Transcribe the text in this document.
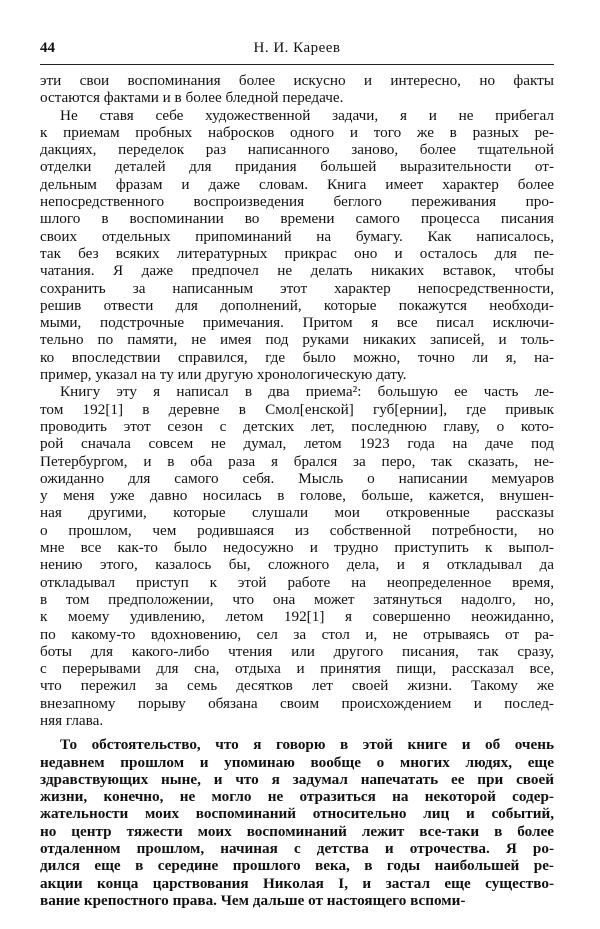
44	Н. И. Кареев

эти свои воспоминания более искусно и интересно, но факты
остаются фактами и в более бледной передаче.

Не ставя себе художественной задачи, я и не прибегал
к приемам пробных набросков одного и того же в разных ре-
дакциях, переделок раз написанного заново, более тщательной
отделки деталей для придания большей выразительности от-
дельным фразам и даже словам. Книга имеет характер более
непосредственного воспроизведения беглого переживания про-
шлого в воспоминании во времени самого процесса писания
своих отдельных припоминаний на бумагу. Как написалось,
так без всяких литературных прикрас оно и осталось для пе-
чатания. Я даже предпочел не делать никаких вставок, чтобы
сохранить за написанным этот характер непосредственности,
решив отвести для дополнений, которые покажутся необходи-
мыми, подстрочные примечания. Притом я все писал исключи-
тельно по памяти, не имея под руками никаких записей, и толь-
ко впоследствии справился, где было можно, точно ли я, на-
пример, указал на ту или другую хронологическую дату.

Книгу эту я написал в два приема²: большую ее часть ле-
том 192[1] в деревне в Смол[енской] губ[ернии], где привык
проводить этот сезон с детских лет, последнюю главу, о кото-
рой сначала совсем не думал, летом 1923 года на даче под
Петербургом, и в оба раза я брался за перо, так сказать, не-
ожиданно для самого себя. Мысль о написании мемуаров
у меня уже давно носилась в голове, больше, кажется, внушен-
ная другими, которые слушали мои откровенные рассказы
о прошлом, чем родившаяся из собственной потребности, но
мне все как-то было недосужно и трудно приступить к выпол-
нению этого, казалось бы, сложного дела, и я откладывал да
откладывал приступ к этой работе на неопределенное время,
в том предположении, что она может затянуться надолго, но,
к моему удивлению, летом 192[1] я совершенно неожиданно,
по какому-то вдохновению, сел за стол и, не отрываясь от ра-
боты для какого-либо чтения или другого писания, так сразу,
с перерывами для сна, отдыха и принятия пищи, рассказал все,
что пережил за семь десятков лет своей жизни. Такому же
внезапному порыву обязана своим происхождением и послед-
няя глава.

То обстоятельство, что я говорю в этой книге и об очень
недавнем прошлом и упоминаю вообще о многих людях, еще
здравствующих ныне, и что я задумал напечатать ее при своей
жизни, конечно, не могло не отразиться на некоторой содер-
жательности моих воспоминаний относительно лиц и событий,
но центр тяжести моих воспоминаний лежит все-таки в более
отдаленном прошлом, начиная с детства и отрочества. Я ро-
дился еще в середине прошлого века, в годы наибольшей ре-
акции конца царствования Николая I, и застал еще существо-
вание крепостного права. Чем дальше от настоящего вспоми-
